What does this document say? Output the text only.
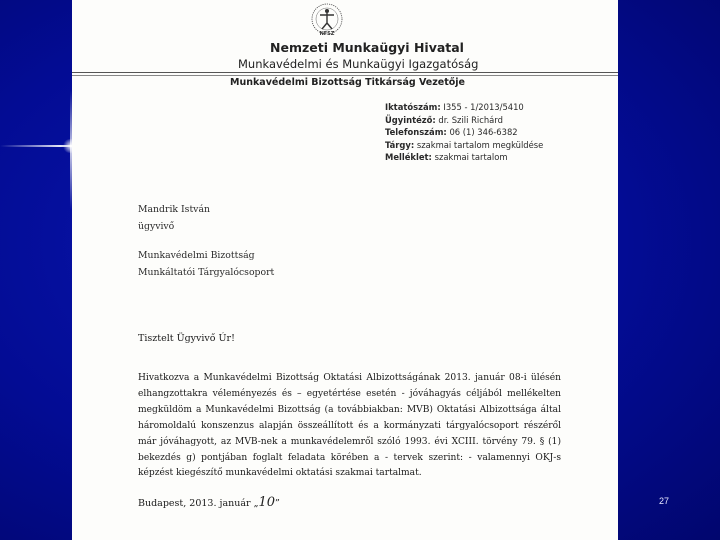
NFSZ
Nemzeti Munkaügyi Hivatal
Munkavédelmi és Munkaügyi Igazgatóság
Munkavédelmi Bizottság Titkárság Vezetője
Iktatószám: I355 - 1/2013/5410
Ügyintéző: dr. Szili Richárd
Telefonszám: 06 (1) 346-6382
Tárgy: szakmai tartalom megküldése
Melléklet: szakmai tartalom
Mandrik István
ügyvivő
Munkavédelmi Bizottság
Munkáltatói Tárgyalócsoport
Tisztelt Ügyvivő Úr!
Hivatkozva a Munkavédelmi Bizottság Oktatási Albizottságának 2013. január 08-i ülésén elhangzottakra véleményezés és – egyetértése esetén - jóváhagyás céljából mellékelten megküldöm a Munkavédelmi Bizottság (a továbbiakban: MVB) Oktatási Albizottsága által háromoldalú konszenzus alapján összeállított és a kormányzati tárgyalócsoport részéről már jóváhagyott, az MVB-nek a munkavédelemről szóló 1993. évi XCIII. törvény 79. § (1) bekezdés g) pontjában foglalt feladata körében a - tervek szerint: - valamennyi OKJ-s képzést kiegészítő munkavédelmi oktatási szakmai tartalmat.
Budapest, 2013. január „10”	27
